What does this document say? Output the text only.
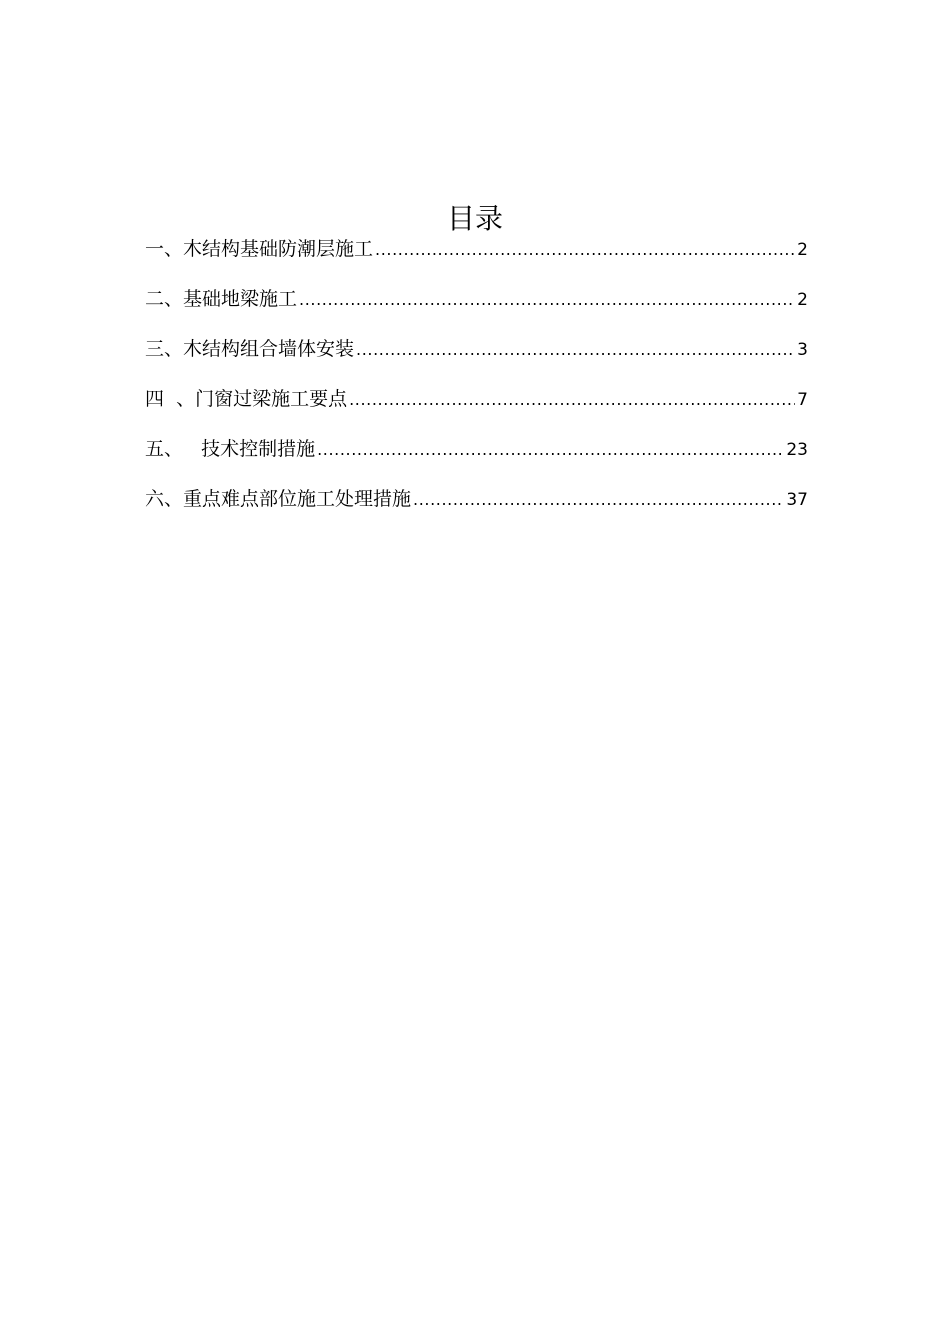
目录
一、木结构基础防潮层施工 .....	2
二、基础地梁施工 .....	2
三、木结构组合墙体安装 .....	3
四  、门窗过梁施工要点 .....	7
五、   技术控制措施 .....	23
六、重点难点部位施工处理措施 .....	37
